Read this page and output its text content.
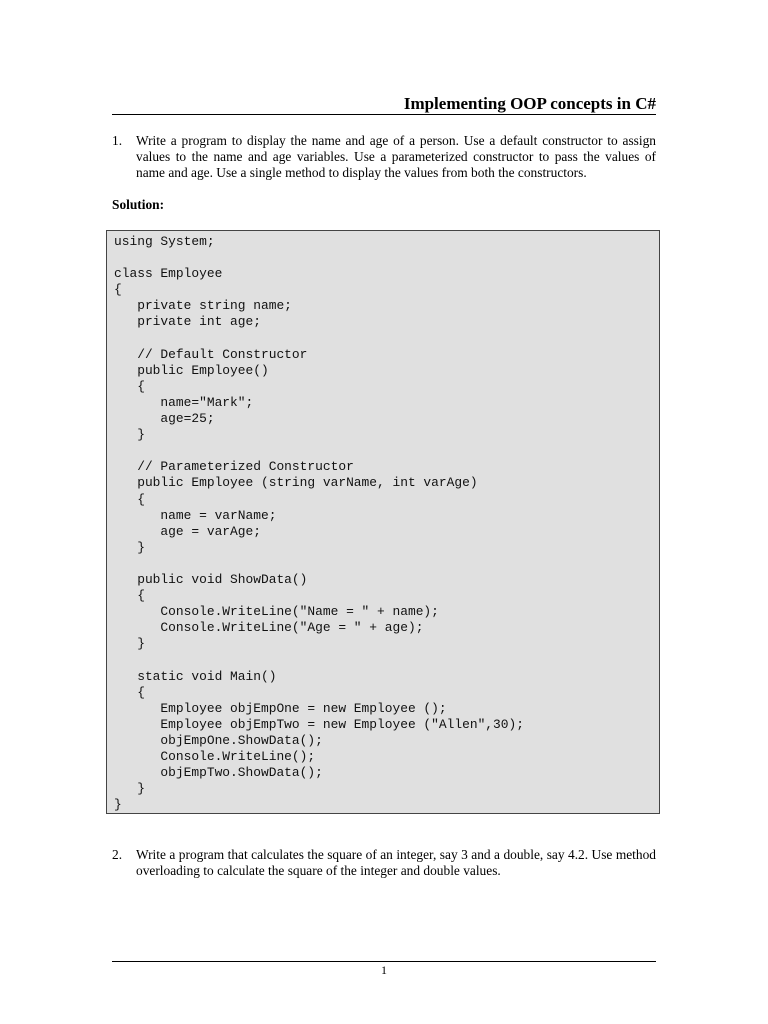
Implementing OOP concepts in C#
1. Write a program to display the name and age of a person. Use a default constructor to assign values to the name and age variables. Use a parameterized constructor to pass the values of name and age. Use a single method to display the values from both the constructors.
Solution:
using System;

class Employee
{
private string name;
private int age;

// Default Constructor
public Employee()
{
name="Mark";
age=25;
}

// Parameterized Constructor
public Employee (string varName, int varAge)
{
name = varName;
age = varAge;
}

public void ShowData()
{
Console.WriteLine("Name = " + name);
Console.WriteLine("Age = " + age);
}

static void Main()
{
Employee objEmpOne = new Employee ();
Employee objEmpTwo = new Employee ("Allen",30);
objEmpOne.ShowData();
Console.WriteLine();
objEmpTwo.ShowData();
}
}
2. Write a program that calculates the square of an integer, say 3 and a double, say 4.2. Use method overloading to calculate the square of the integer and double values.
1
